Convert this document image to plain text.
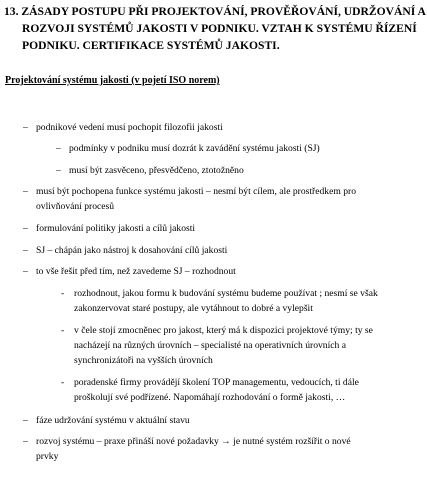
13. ZÁSADY POSTUPU PŘI PROJEKTOVÁNÍ, PROVĚŘOVÁNÍ, UDRŽOVÁNÍ A
ROZVOJI SYSTÉMŮ JAKOSTI V PODNIKU. VZTAH K SYSTÉMU ŘÍZENÍ
PODNIKU. CERTIFIKACE SYSTÉMŮ JAKOSTI.

Projektování systému jakosti (v pojetí ISO norem)

– podnikové vedení musí pochopit filozofii jakosti
– podmínky v podniku musí dozrát k zavádění systému jakosti (SJ)
– musí být zasvěceno, přesvědčeno, ztotožněno
– musí být pochopena funkce systému jakosti – nesmí být cílem, ale prostředkem pro
ovlivňování procesů
– formulování politiky jakosti a cílů jakosti
– SJ – chápán jako nástroj k dosahování cílů jakosti
– to vše řešit před tím, než zavedeme SJ – rozhodnout
-	rozhodnout, jakou formu k budování systému budeme používat ; nesmí se však
zakonzervovat staré postupy, ale vytáhnout to dobré a vylepšit
-	v čele stojí zmocněnec pro jakost, který má k dispozici projektové týmy; ty se
nacházejí na různých úrovních – specialisté na operativních úrovních a
synchronizátoři na vyšších úrovních
-	poradenské firmy provádějí školení TOP managementu, vedoucích, ti dále
proškolují své podřízené. Napomáhají rozhodování o formě jakosti, …
– fáze udržování systému v aktuální stavu
– rozvoj systému – praxe přináší nové požadavky → je nutné systém rozšířit o nové
prvky
